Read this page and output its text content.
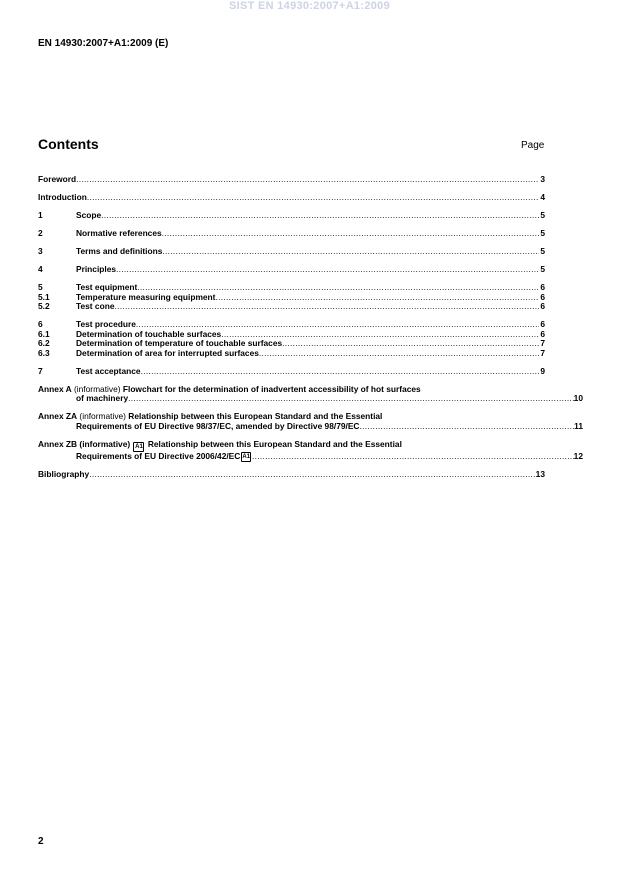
SIST EN 14930:2007+A1:2009
EN 14930:2007+A1:2009 (E)
Contents	Page
Foreword .....	3
Introduction .....	4
1	Scope .....	5
2	Normative references .....	5
3	Terms and definitions .....	5
4	Principles .....	5
5	Test equipment .....	6
5.1	Temperature measuring equipment .....	6
5.2	Test cone .....	6
6	Test procedure .....	6
6.1	Determination of touchable surfaces .....	6
6.2	Determination of temperature of touchable surfaces .....	7
6.3	Determination of area for interrupted surfaces .....	7
7	Test acceptance .....	9
Annex A (informative) Flowchart for the determination of inadvertent accessibility of hot surfaces
of machinery .....	10
Annex ZA (informative) Relationship between this European Standard and the Essential
Requirements of EU Directive 98/37/EC, amended by Directive 98/79/EC .....	11
Annex ZB (informative) A1 Relationship between this European Standard and the Essential
Requirements of EU Directive 2006/42/EC A1 .....	12
Bibliography .....	13
2
